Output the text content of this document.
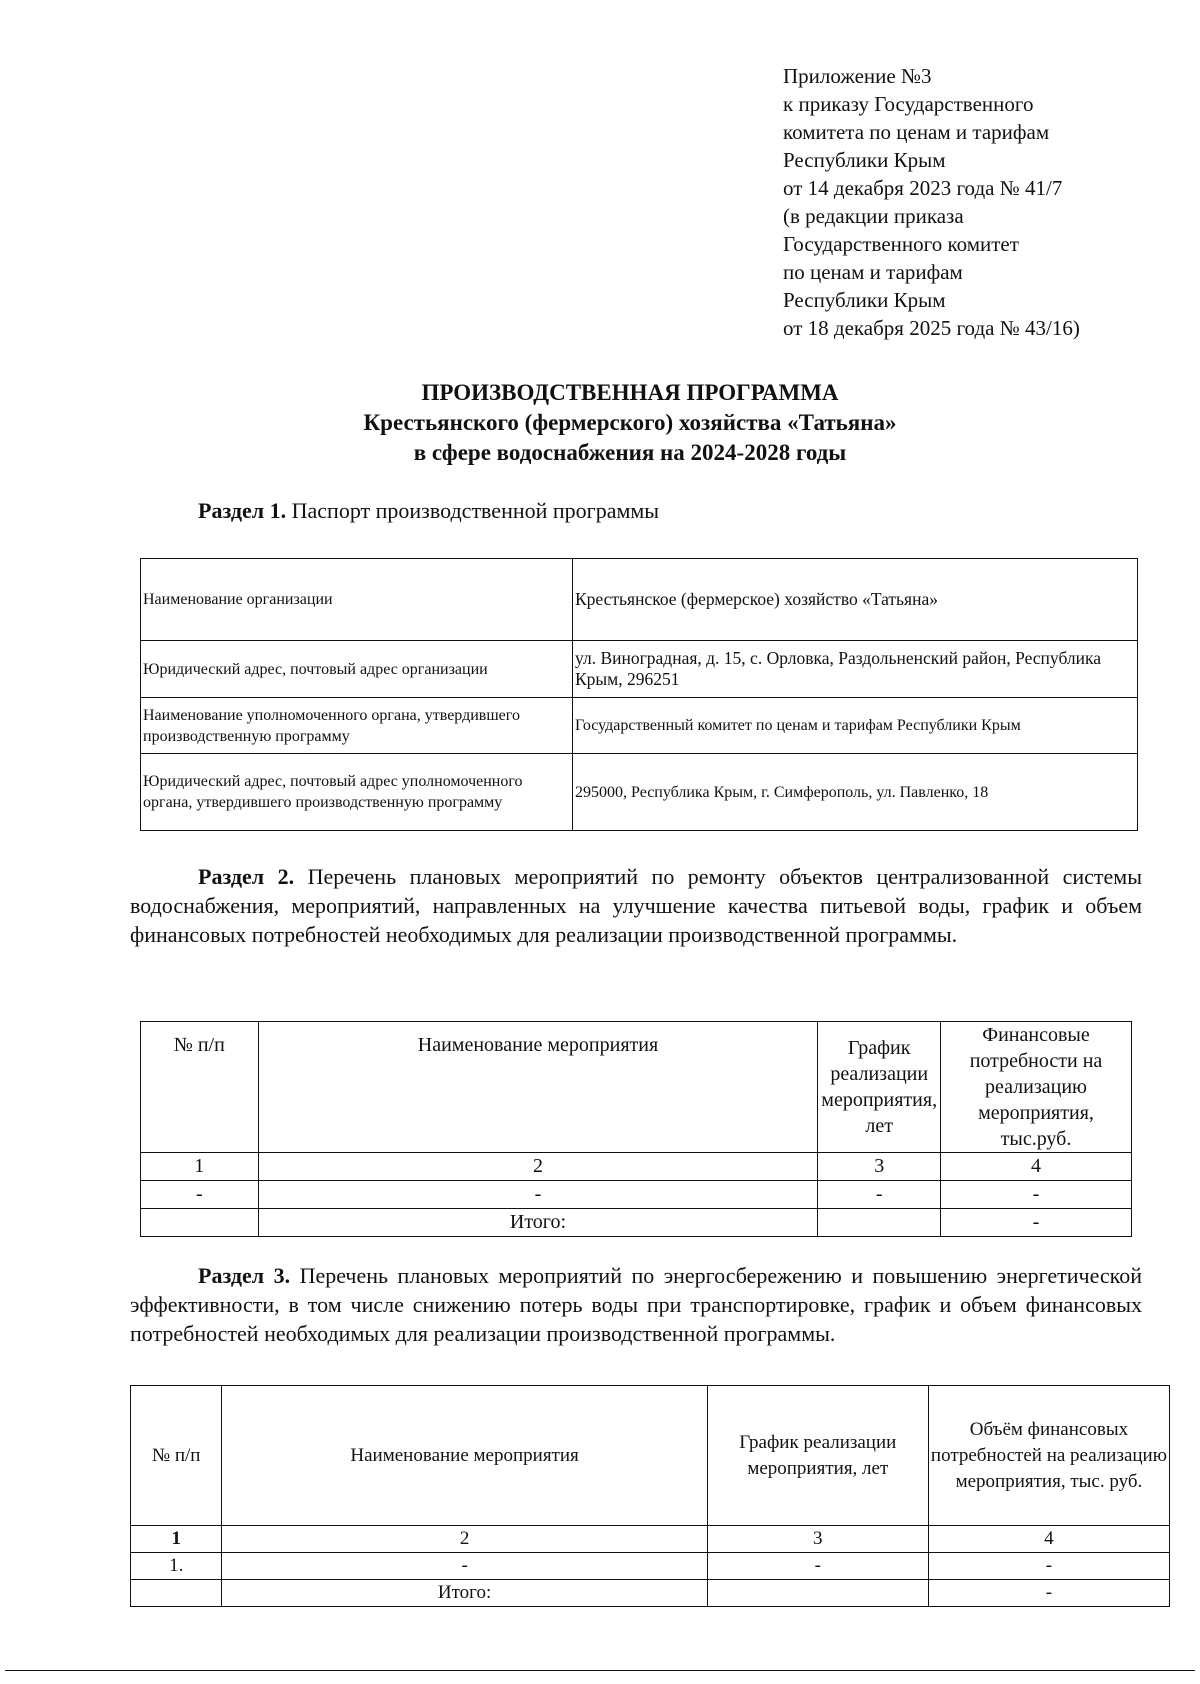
Приложение №3
к приказу Государственного
комитета по ценам и тарифам
Республики Крым
от 14 декабря 2023 года № 41/7
(в редакции приказа
Государственного комитет
по ценам и тарифам
Республики Крым
от 18 декабря 2025 года № 43/16)
ПРОИЗВОДСТВЕННАЯ ПРОГРАММА
Крестьянского (фермерского) хозяйства «Татьяна»
в сфере водоснабжения на 2024-2028 годы
Раздел 1. Паспорт производственной программы
Наименование организации	Крестьянское (фермерское) хозяйство «Татьяна»
Юридический адрес, почтовый адрес организации	ул. Виноградная, д. 15, с. Орловка, Раздольненский район, Республика Крым, 296251
Наименование уполномоченного органа, утвердившего производственную программу	Государственный комитет по ценам и тарифам Республики Крым
Юридический адрес, почтовый адрес уполномоченного органа, утвердившего производственную программу	295000, Республика Крым, г. Симферополь, ул. Павленко, 18
Раздел 2. Перечень плановых мероприятий по ремонту объектов централизованной системы водоснабжения, мероприятий, направленных на улучшение качества питьевой воды, график и объем финансовых потребностей необходимых для реализации производственной программы.
№ п/п	Наименование мероприятия	График реализации мероприятия, лет	Финансовые потребности на реализацию мероприятия, тыс.руб.
1	2	3	4
-	-	-	-
	Итого:		-
Раздел 3. Перечень плановых мероприятий по энергосбережению и повышению энергетической эффективности, в том числе снижению потерь воды при транспортировке, график и объем финансовых потребностей необходимых для реализации производственной программы.
№ п/п	Наименование мероприятия	График реализации мероприятия, лет	Объём финансовых потребностей на реализацию мероприятия, тыс. руб.
1	2	3	4
1.	-	-	-
	Итого:		-
